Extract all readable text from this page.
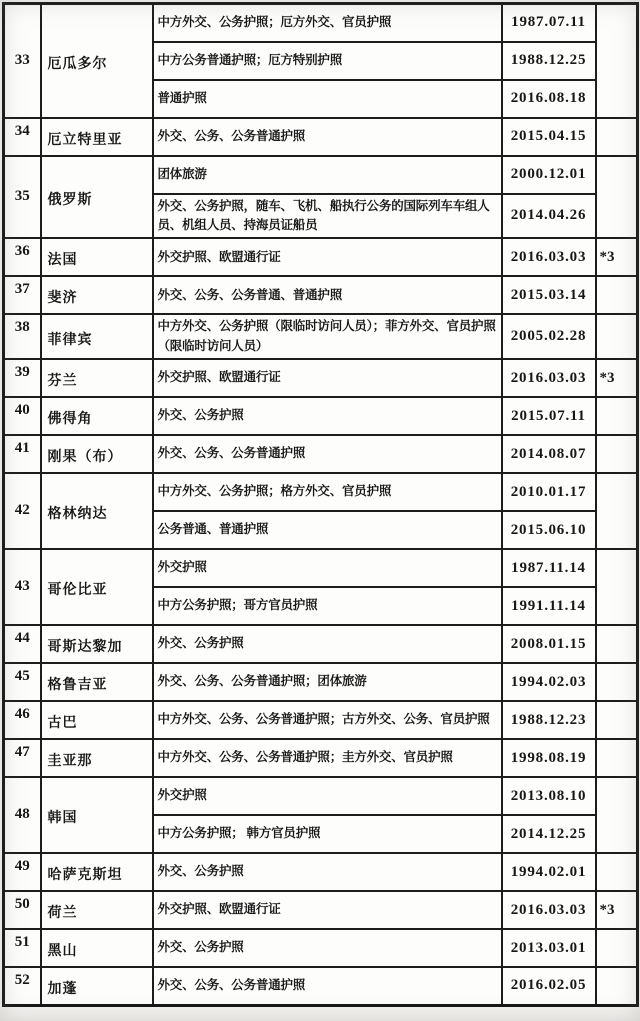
33	厄瓜多尔	中方外交、公务护照；厄方外交、官员护照	1987.07.11	
		中方公务普通护照；厄方特别护照	1988.12.25	
		普通护照	2016.08.18	
34	厄立特里亚	外交、公务、公务普通护照	2015.04.15	
35	俄罗斯	团体旅游	2000.12.01	
		外交、公务护照，随车、飞机、船执行公务的国际列车车组人员、机组人员、持海员证船员	2014.04.26	
36	法国	外交护照、欧盟通行证	2016.03.03	*3
37	斐济	外交、公务、公务普通、普通护照	2015.03.14	
38	菲律宾	中方外交、公务护照（限临时访问人员）；菲方外交、官员护照（限临时访问人员）	2005.02.28	
39	芬兰	外交护照、欧盟通行证	2016.03.03	*3
40	佛得角	外交、公务护照	2015.07.11	
41	刚果（布）	外交、公务、公务普通护照	2014.08.07	
42	格林纳达	中方外交、公务护照；格方外交、官员护照	2010.01.17	
		公务普通、普通护照	2015.06.10	
43	哥伦比亚	外交护照	1987.11.14	
		中方公务护照；哥方官员护照	1991.11.14	
44	哥斯达黎加	外交、公务护照	2008.01.15	
45	格鲁吉亚	外交、公务、公务普通护照；团体旅游	1994.02.03	
46	古巴	中方外交、公务、公务普通护照；古方外交、公务、官员护照	1988.12.23	
47	圭亚那	中方外交、公务、公务普通护照；圭方外交、官员护照	1998.08.19	
48	韩国	外交护照	2013.08.10	
		中方公务护照； 韩方官员护照	2014.12.25	
49	哈萨克斯坦	外交、公务护照	1994.02.01	
50	荷兰	外交护照、欧盟通行证	2016.03.03	*3
51	黑山	外交、公务护照	2013.03.01	
52	加蓬	外交、公务、公务普通护照	2016.02.05	
